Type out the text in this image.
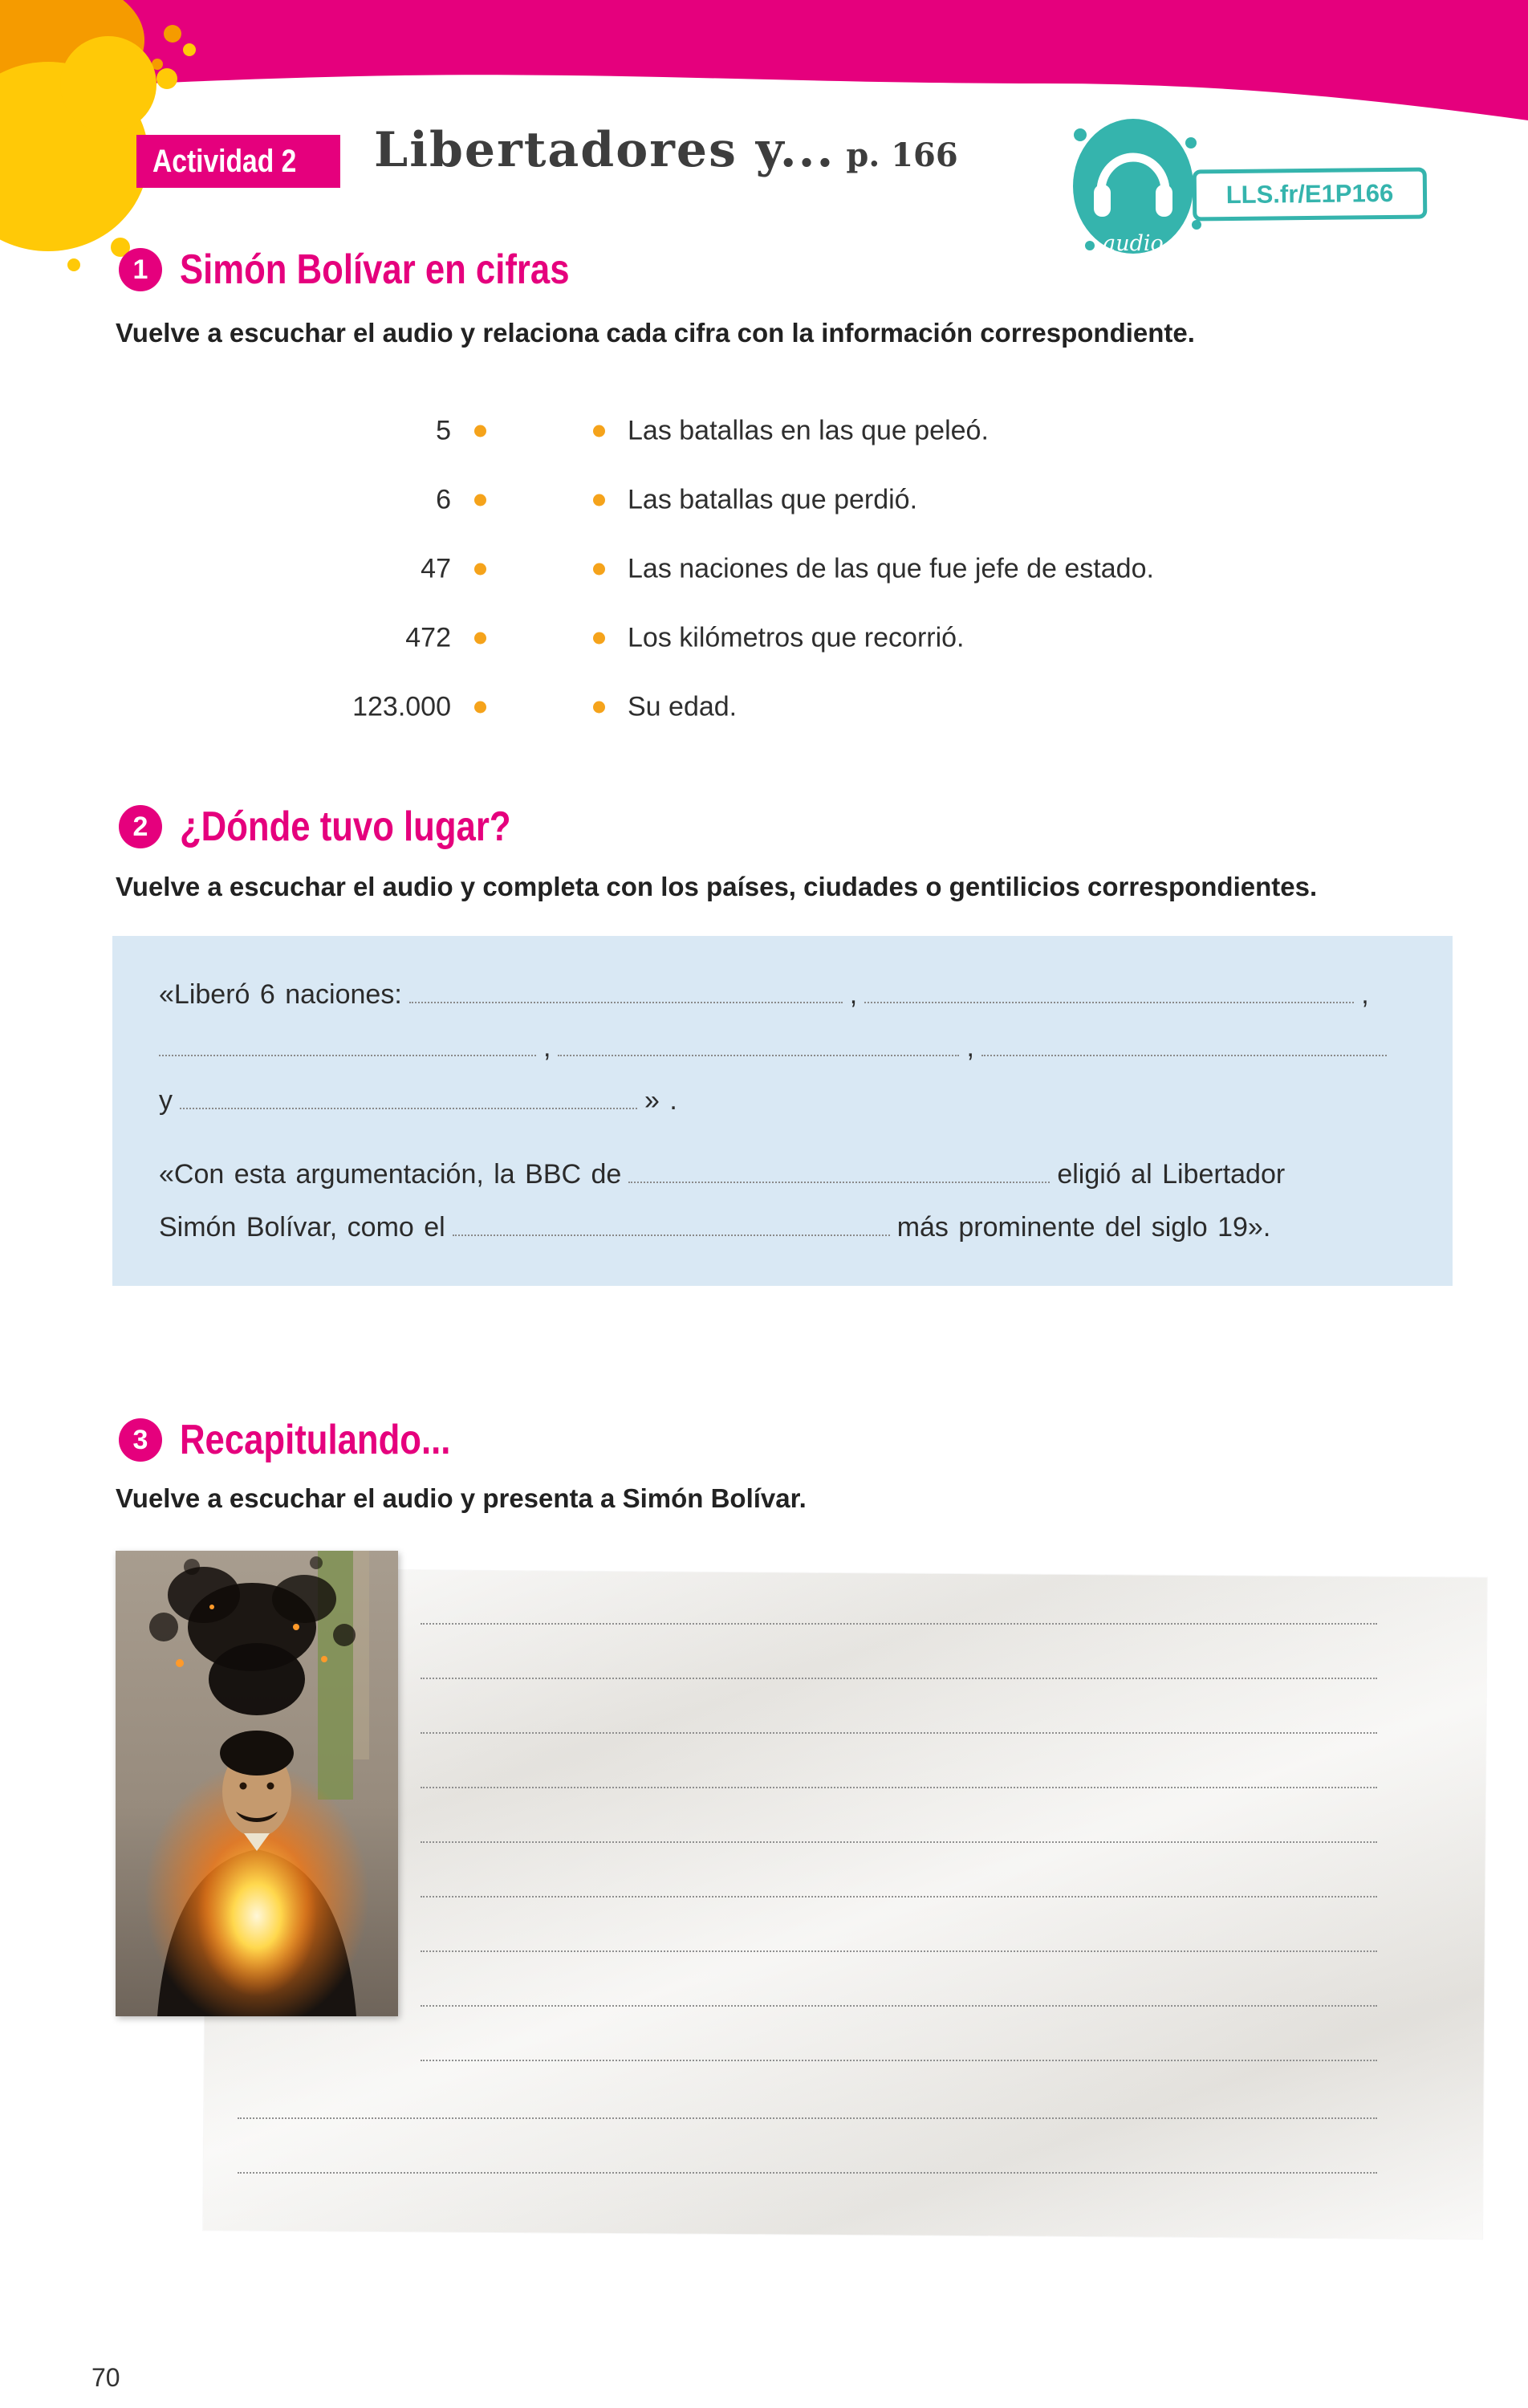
Actividad 2 Libertadores y... p. 166
audio
LLS.fr/E1P166
1 Simón Bolívar en cifras
Vuelve a escuchar el audio y relaciona cada cifra con la información correspondiente.
5	Las batallas en las que peleó.
6	Las batallas que perdió.
47	Las naciones de las que fue jefe de estado.
472	Los kilómetros que recorrió.
123.000	Su edad.
2 ¿Dónde tuvo lugar?
Vuelve a escuchar el audio y completa con los países, ciudades o gentilicios correspondientes.
«Liberó 6 naciones:	,	,
,	,
y	» .
«Con esta argumentación, la BBC de	eligió al Libertador
Simón Bolívar, como el	más prominente del siglo 19».
3 Recapitulando...
Vuelve a escuchar el audio y presenta a Simón Bolívar.
70
